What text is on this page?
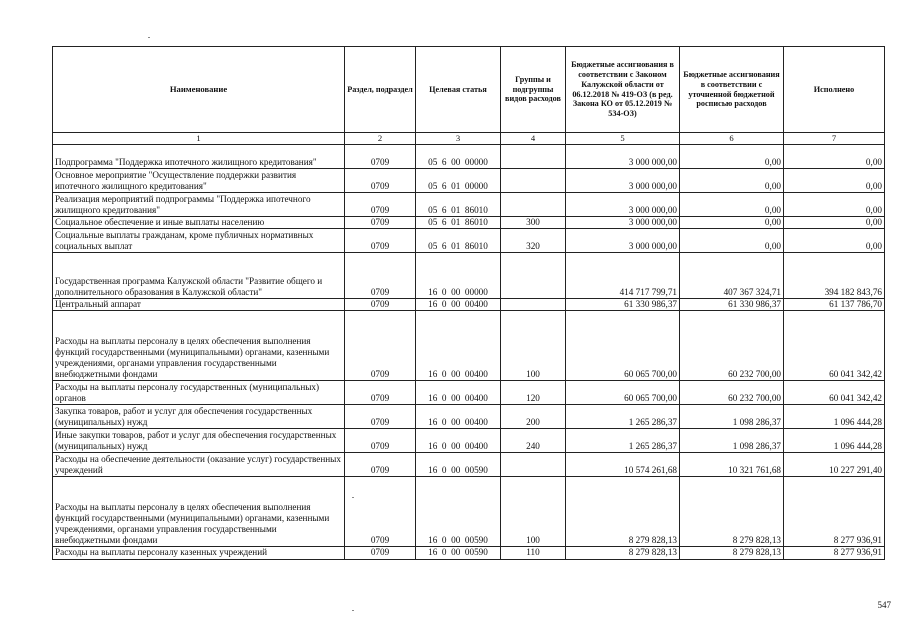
Наименование	Раздел, подраздел	Целевая статья	Группы и подгруппы видов расходов	Бюджетные ассигнования в соответствии с Законом Калужской области от 06.12.2018 № 419-ОЗ (в ред. Закона КО от 05.12.2019 № 534-ОЗ)	Бюджетные ассигнования в соответствии с уточненной бюджетной росписью расходов	Исполнено
1	2	3	4	5	6	7
Подпрограмма "Поддержка ипотечного жилищного кредитования"	0709	05  6  00  00000		3 000 000,00	0,00	0,00
Основное мероприятие "Осуществление поддержки развития ипотечного жилищного кредитования"	0709	05  6  01  00000		3 000 000,00	0,00	0,00
Реализация мероприятий подпрограммы "Поддержка ипотечного жилищного кредитования"	0709	05  6  01  86010		3 000 000,00	0,00	0,00
Социальное обеспечение и иные выплаты населению	0709	05  6  01  86010	300	3 000 000,00	0,00	0,00
Социальные выплаты гражданам, кроме публичных нормативных социальных выплат	0709	05  6  01  86010	320	3 000 000,00	0,00	0,00
Государственная программа Калужской области "Развитие общего и дополнительного образования в Калужской области"	0709	16  0  00  00000		414 717 799,71	407 367 324,71	394 182 843,76
Центральный аппарат	0709	16  0  00  00400		61 330 986,37	61 330 986,37	61 137 786,70
Расходы на выплаты персоналу в целях обеспечения выполнения функций государственными (муниципальными) органами, казенными учреждениями, органами управления государственными внебюджетными фондами	0709	16  0  00  00400	100	60 065 700,00	60 232 700,00	60 041 342,42
Расходы на выплаты персоналу государственных (муниципальных) органов	0709	16  0  00  00400	120	60 065 700,00	60 232 700,00	60 041 342,42
Закупка товаров, работ и услуг для обеспечения государственных (муниципальных) нужд	0709	16  0  00  00400	200	1 265 286,37	1 098 286,37	1 096 444,28
Иные закупки товаров, работ и услуг для обеспечения государственных (муниципальных) нужд	0709	16  0  00  00400	240	1 265 286,37	1 098 286,37	1 096 444,28
Расходы на обеспечение деятельности (оказание услуг) государственных учреждений	0709	16  0  00  00590		10 574 261,68	10 321 761,68	10 227 291,40
Расходы на выплаты персоналу в целях обеспечения выполнения функций государственными (муниципальными) органами, казенными учреждениями, органами управления государственными внебюджетными фондами	0709	16  0  00  00590	100	8 279 828,13	8 279 828,13	8 277 936,91
Расходы на выплаты персоналу казенных учреждений	0709	16  0  00  00590	110	8 279 828,13	8 279 828,13	8 277 936,91
547
